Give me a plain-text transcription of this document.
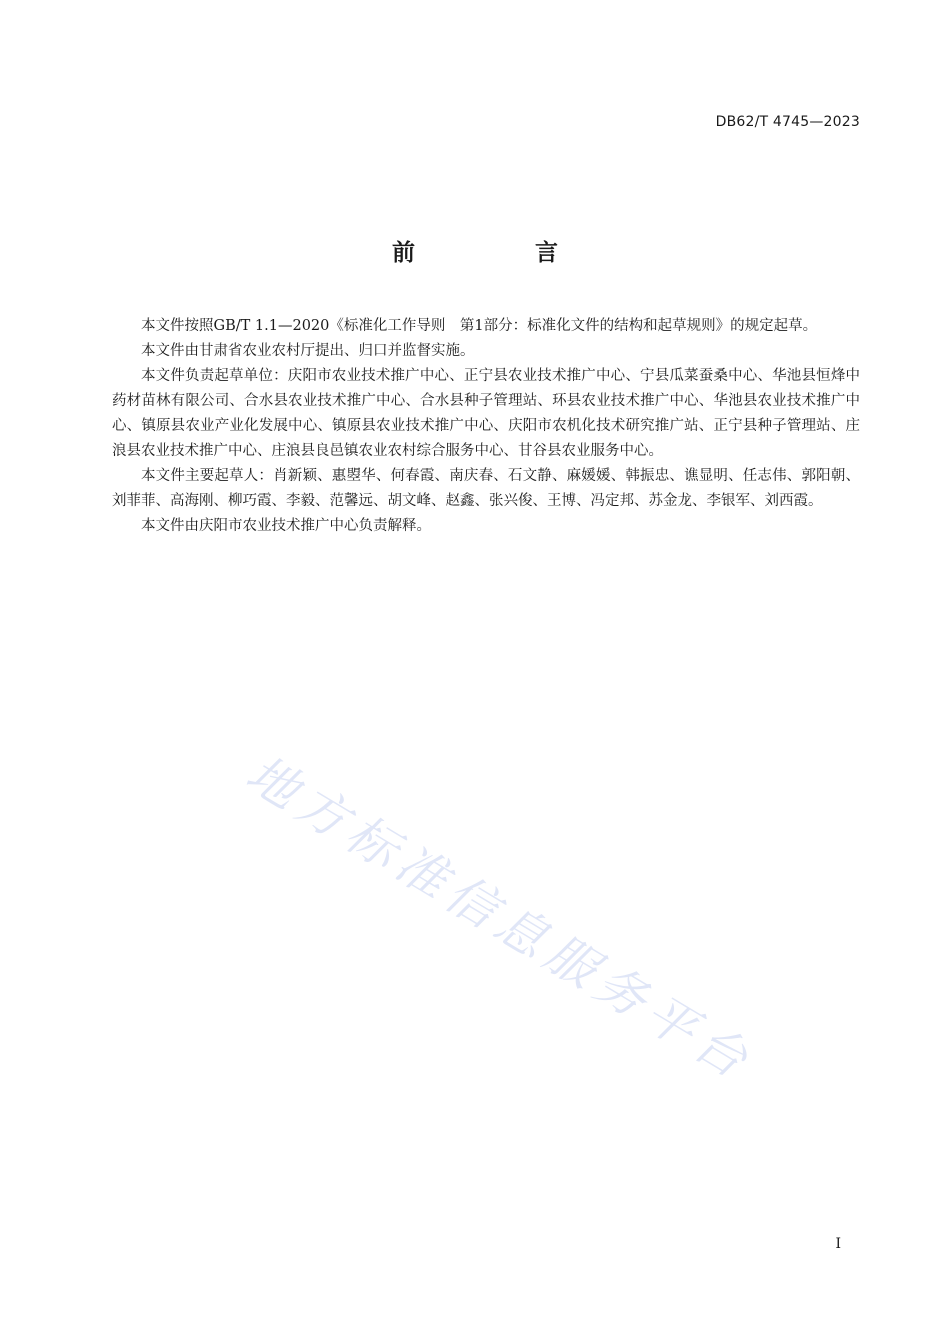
DB62/T 4745—2023
前 言

本文件按照GB/T 1.1—2020《标准化工作导则　第1部分：标准化文件的结构和起草规则》的规定起草。

本文件由甘肃省农业农村厅提出、归口并监督实施。

本文件负责起草单位：庆阳市农业技术推广中心、正宁县农业技术推广中心、宁县瓜菜蚕桑中心、华池县恒烽中药材苗林有限公司、合水县农业技术推广中心、合水县种子管理站、环县农业技术推广中心、华池县农业技术推广中心、镇原县农业产业化发展中心、镇原县农业技术推广中心、庆阳市农机化技术研究推广站、正宁县种子管理站、庄浪县农业技术推广中心、庄浪县良邑镇农业农村综合服务中心、甘谷县农业服务中心。

本文件主要起草人：肖新颖、惠曌华、何春霞、南庆春、石文静、麻媛媛、韩振忠、谯显明、任志伟、郭阳朝、刘菲菲、高海刚、柳巧霞、李毅、范馨远、胡文峰、赵鑫、张兴俊、王博、冯定邦、苏金龙、李银军、刘西霞。

本文件由庆阳市农业技术推广中心负责解释。

地方标准信息服务平台
I
